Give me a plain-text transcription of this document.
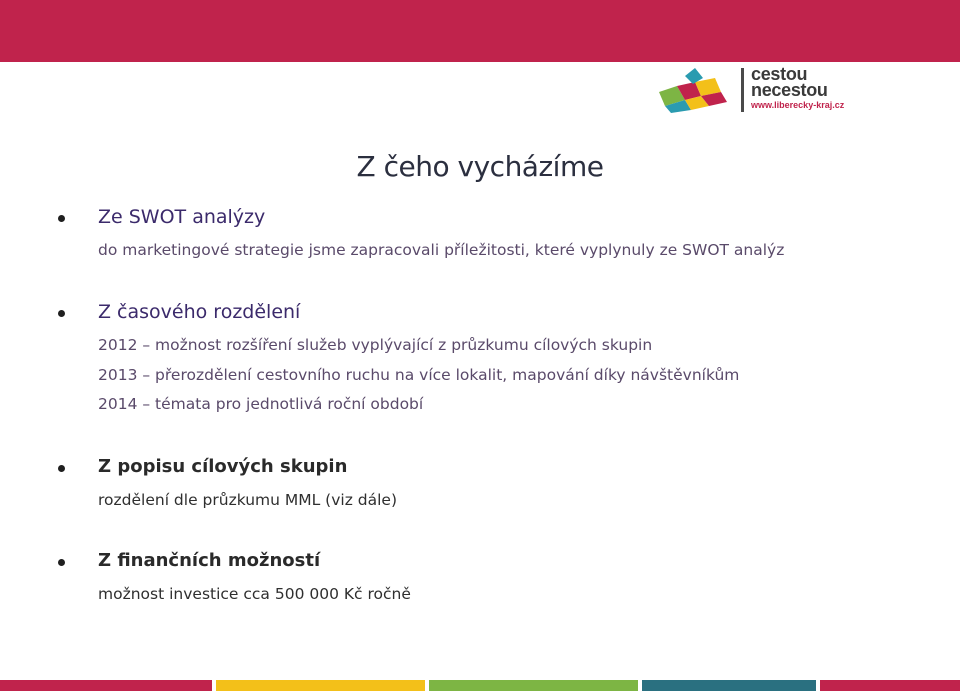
cestou
necestou
www.liberecky-kraj.cz
Z čeho vycházíme
Ze SWOT analýzy
do marketingové strategie jsme zapracovali příležitosti, které vyplynuly ze SWOT analýz
Z časového rozdělení
2012 – možnost rozšíření služeb vyplývající z průzkumu cílových skupin
2013 – přerozdělení cestovního ruchu na více lokalit, mapování díky návštěvníkům
2014 – témata pro jednotlivá roční období
Z popisu cílových skupin
rozdělení dle průzkumu MML (viz dále)
Z finančních možností
možnost investice cca 500 000 Kč ročně
